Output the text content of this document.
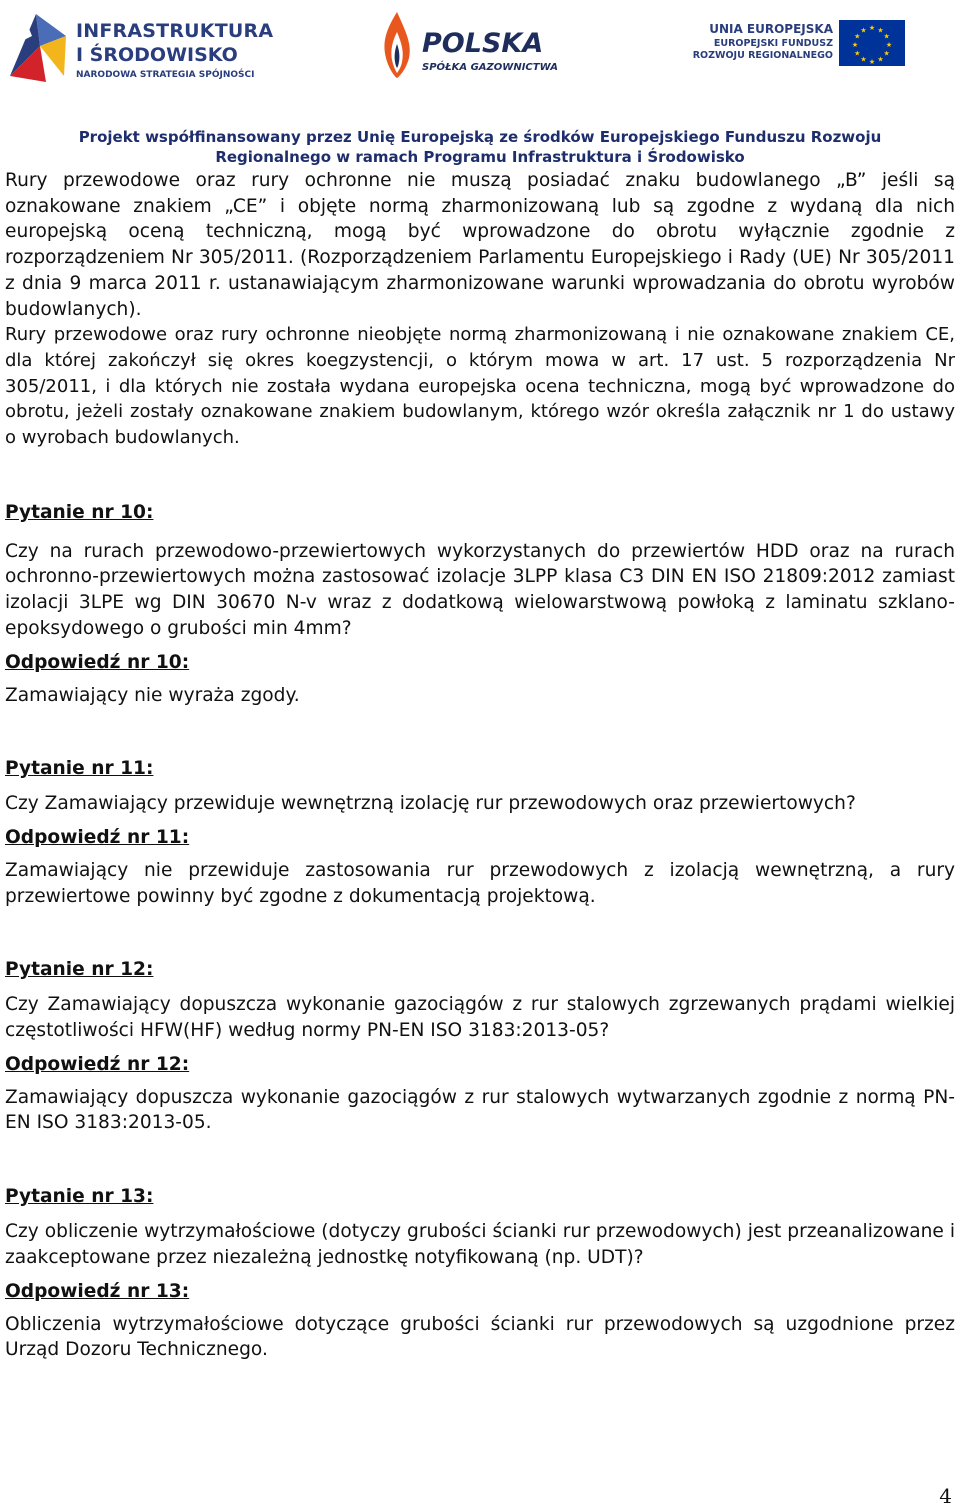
INFRASTRUKTURA
I ŚRODOWISKO
NARODOWA STRATEGIA SPÓJNOŚCI
POLSKA
SPÓŁKA GAZOWNICTWA
UNIA EUROPEJSKA
EUROPEJSKI FUNDUSZ
ROZWOJU REGIONALNEGO
★ ★
★
★
★
★
★
★
★
★
★
★
Projekt współfinansowany przez Unię Europejską ze środków Europejskiego Funduszu Rozwoju
Regionalnego w ramach Programu Infrastruktura i Środowisko

Rury przewodowe oraz rury ochronne nie muszą posiadać znaku budowlanego „B” jeśli są oznakowane znakiem „CE” i objęte normą zharmonizowaną lub są zgodne z wydaną dla nich europejską oceną techniczną, mogą być wprowadzone do obrotu wyłącznie zgodnie z rozporządzeniem Nr 305/2011. (Rozporządzeniem Parlamentu Europejskiego i Rady (UE) Nr 305/2011 z dnia 9 marca 2011 r. ustanawiającym zharmonizowane warunki wprowadzania do obrotu wyrobów budowlanych).

Rury przewodowe oraz rury ochronne nieobjęte normą zharmonizowaną i nie oznakowane znakiem CE, dla której zakończył się okres koegzystencji, o którym mowa w art. 17 ust. 5 rozporządzenia Nr 305/2011, i dla których nie została wydana europejska ocena techniczna, mogą być wprowadzone do obrotu, jeżeli zostały oznakowane znakiem budowlanym, którego wzór określa załącznik nr 1 do ustawy o wyrobach budowlanych.

Pytanie nr 10:

Czy na rurach przewodowo-przewiertowych wykorzystanych do przewiertów HDD oraz na rurach ochronno-przewiertowych można zastosować izolacje 3LPP klasa C3 DIN EN ISO 21809:2012 zamiast izolacji 3LPE wg DIN 30670 N-v wraz z dodatkową wielowarstwową powłoką z laminatu szklano-epoksydowego o grubości min 4mm?

Odpowiedź nr 10:

Zamawiający nie wyraża zgody.

Pytanie nr 11:

Czy Zamawiający przewiduje wewnętrzną izolację rur przewodowych oraz przewiertowych?

Odpowiedź nr 11:

Zamawiający nie przewiduje zastosowania rur przewodowych z izolacją wewnętrzną, a rury przewiertowe powinny być zgodne z dokumentacją projektową.

Pytanie nr 12:

Czy Zamawiający dopuszcza wykonanie gazociągów z rur stalowych zgrzewanych prądami wielkiej częstotliwości HFW(HF) według normy PN-EN ISO 3183:2013-05?

Odpowiedź nr 12:

Zamawiający dopuszcza wykonanie gazociągów z rur stalowych wytwarzanych zgodnie z normą PN-EN ISO 3183:2013-05.

Pytanie nr 13:

Czy obliczenie wytrzymałościowe (dotyczy grubości ścianki rur przewodowych) jest przeanalizowane i zaakceptowane przez niezależną jednostkę notyfikowaną (np. UDT)?

Odpowiedź nr 13:

Obliczenia wytrzymałościowe dotyczące grubości ścianki rur przewodowych są uzgodnione przez Urząd Dozoru Technicznego.

4
